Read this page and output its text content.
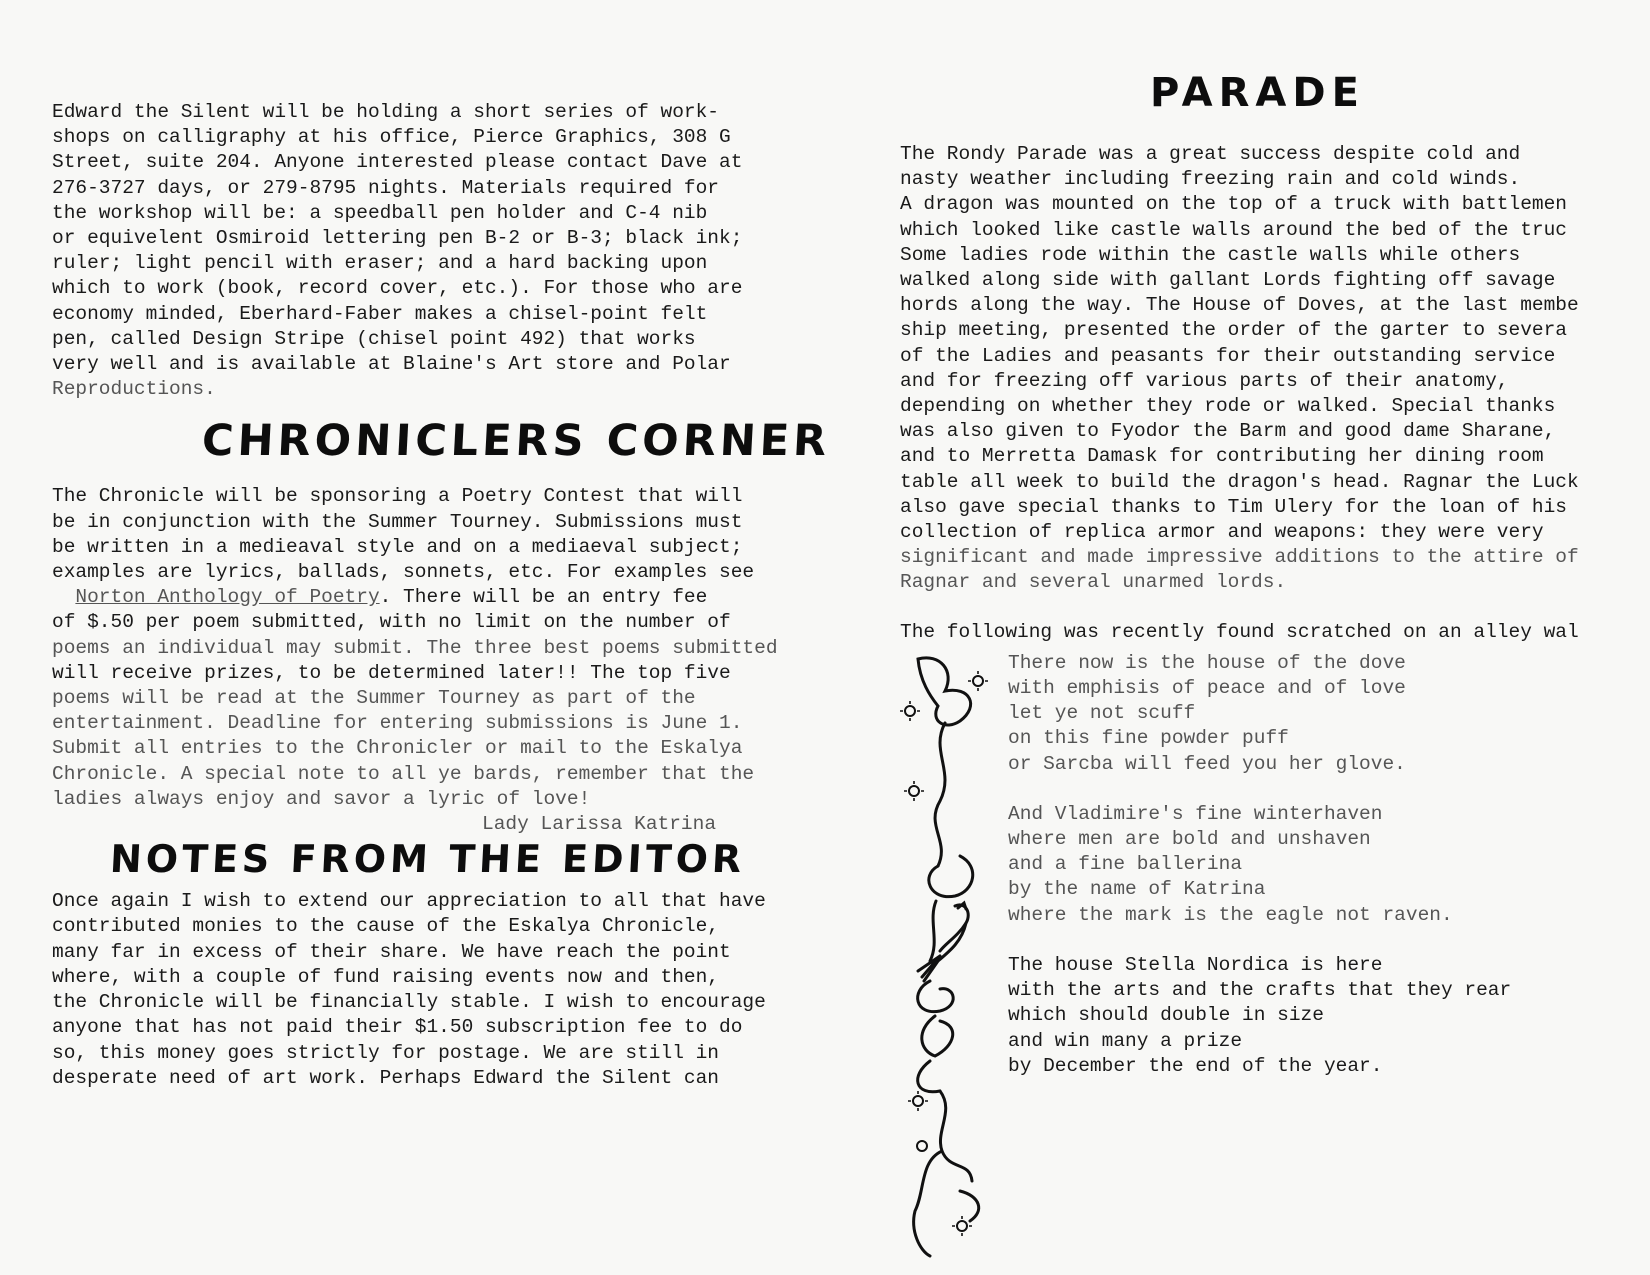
Edward the Silent will be holding a short series of work-

shops on calligraphy at his office, Pierce Graphics, 308 G

Street, suite 204. Anyone interested please contact Dave at

276-3727 days, or 279-8795 nights. Materials required for

the workshop will be: a speedball pen holder and C-4 nib

or equivelent Osmiroid lettering pen B-2 or B-3; black ink;

ruler; light pencil with eraser; and a hard backing upon

which to work (book, record cover, etc.). For those who are

economy minded, Eberhard-Faber makes a chisel-point felt

pen, called Design Stripe (chisel point 492) that works

very well and is available at Blaine's Art store and Polar

Reproductions.

CHRONICLERS CORNER

The Chronicle will be sponsoring a Poetry Contest that will

be in conjunction with the Summer Tourney. Submissions must

be written in a medieaval style and on a mediaeval subject;

examples are lyrics, ballads, sonnets, etc. For examples see

Norton Anthology of Poetry. There will be an entry fee

of $.50 per poem submitted, with no limit on the number of

poems an individual may submit. The three best poems submitted

will receive prizes, to be determined later!! The top five

poems will be read at the Summer Tourney as part of the

entertainment. Deadline for entering submissions is June 1.

Submit all entries to the Chronicler or mail to the Eskalya

Chronicle. A special note to all ye bards, remember that the

ladies always enjoy and savor a lyric of love!

Lady Larissa Katrina

NOTES FROM THE EDITOR

Once again I wish to extend our appreciation to all that have

contributed monies to the cause of the Eskalya Chronicle,

many far in excess of their share. We have reach the point

where, with a couple of fund raising events now and then,

the Chronicle will be financially stable. I wish to encourage

anyone that has not paid their $1.50 subscription fee to do

so, this money goes strictly for postage. We are still in

desperate need of art work. Perhaps Edward the Silent can

PARADE

The Rondy Parade was a great success despite cold and

nasty weather including freezing rain and cold winds.

A dragon was mounted on the top of a truck with battlemen

which looked like castle walls around the bed of the truc

Some ladies rode within the castle walls while others

walked along side with gallant Lords fighting off savage

hords along the way. The House of Doves, at the last membe

ship meeting, presented the order of the garter to severa

of the Ladies and peasants for their outstanding service

and for freezing off various parts of their anatomy,

depending on whether they rode or walked. Special thanks

was also given to Fyodor the Barm and good dame Sharane,

and to Merretta Damask for contributing her dining room

table all week to build the dragon's head. Ragnar the Luck

also gave special thanks to Tim Ulery for the loan of his

collection of replica armor and weapons: they were very

significant and made impressive additions to the attire of

Ragnar and several unarmed lords.

The following was recently found scratched on an alley wal

There now is the house of the dove

with emphisis of peace and of love

let ye not scuff

on this fine powder puff

or Sarcba will feed you her glove.

And Vladimire's fine winterhaven

where men are bold and unshaven

and a fine ballerina

by the name of Katrina

where the mark is the eagle not raven.

The house Stella Nordica is here

with the arts and the crafts that they rear

which should double in size

and win many a prize

by December the end of the year.
